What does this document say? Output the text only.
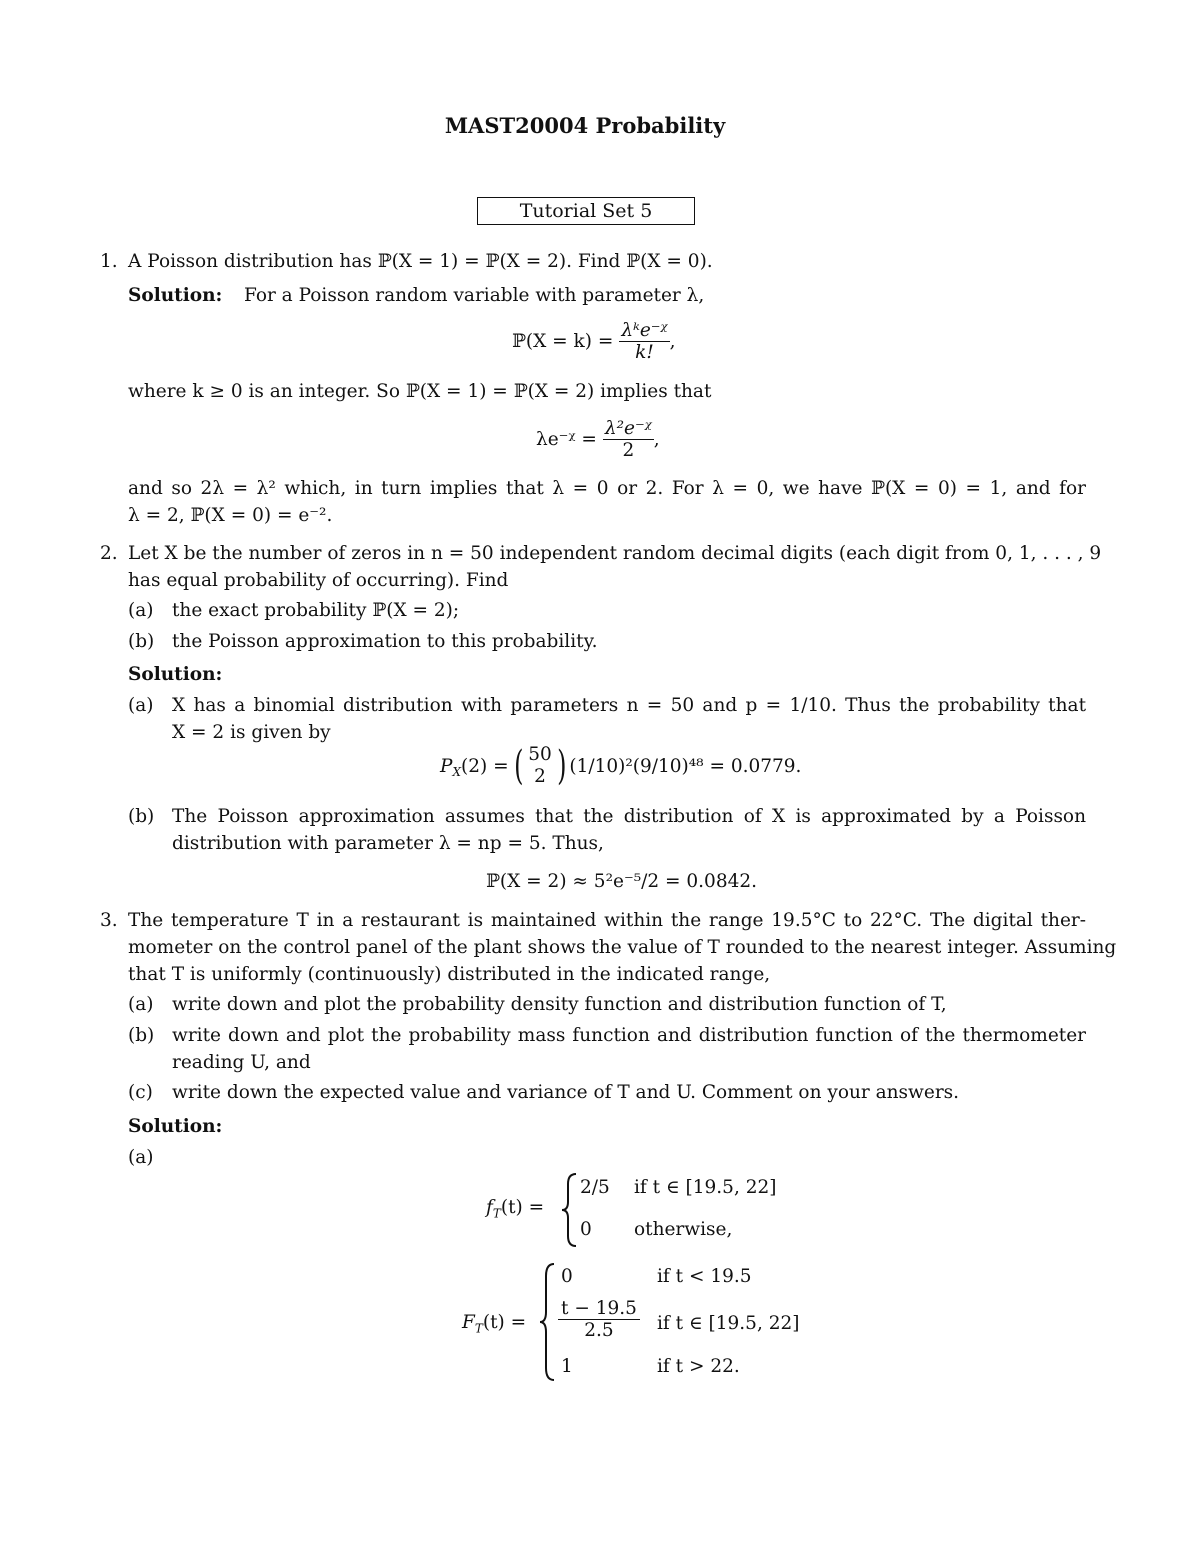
MAST20004 Probability
Tutorial Set 5
1. A Poisson distribution has ℙ(X = 1) = ℙ(X = 2). Find ℙ(X = 0).
Solution: For a Poisson random variable with parameter λ,
ℙ(X = $k) = \frac{\text{λᵏe⁻ᵡ}}{k!}$ ,
where k ≥ 0 is an integer. So ℙ(X = 1) = ℙ(X = 2) implies that
λe⁻ᵡ = $\frac{\text{λ²e⁻ᵡ}}{2}$ ,
and so 2λ = λ² which, in turn implies that λ = 0 or 2. For λ = 0, we have ℙ(X = 0) = 1, and for
λ = 2, ℙ(X = 0) = e⁻².
2. Let X be the number of zeros in n = 50 independent random decimal digits (each digit from 0, 1, . . . , 9
has equal probability of occurring). Find
(a) the exact probability ℙ(X = 2);
(b) the Poisson approximation to this probability.
Solution:
(a) X has a binomial distribution with parameters n = 50 and p = 1/10. Thus the probability that
X = 2 is given by
$P_X$ (2) = ( 50
2 ) (1/10)²(9/10)⁴⁸ = 0.0779.
(b) The Poisson approximation assumes that the distribution of X is approximated by a Poisson
distribution with parameter λ = np = 5. Thus,
ℙ(X = 2) ≈ 5²e⁻⁵/2 = 0.0842.
3. The temperature T in a restaurant is maintained within the range 19.5°C to 22°C. The digital ther-
mometer on the control panel of the plant shows the value of T rounded to the nearest integer. Assuming
that T is uniformly (continuously) distributed in the indicated range,
(a) write down and plot the probability density function and distribution function of T,
(b) write down and plot the probability mass function and distribution function of the thermometer
reading U, and
(c) write down the expected value and variance of T and U. Comment on your answers.
Solution:
(a)
$f_T(t)$ =
2/5 if t ∈ [19.5, 22]
0 otherwise,
$F_T(t)$ =
0	if t < 19.5
$\frac{t - 19.5}{2.5}$ if t ∈ [19.5, 22]
1	if t > 22.
